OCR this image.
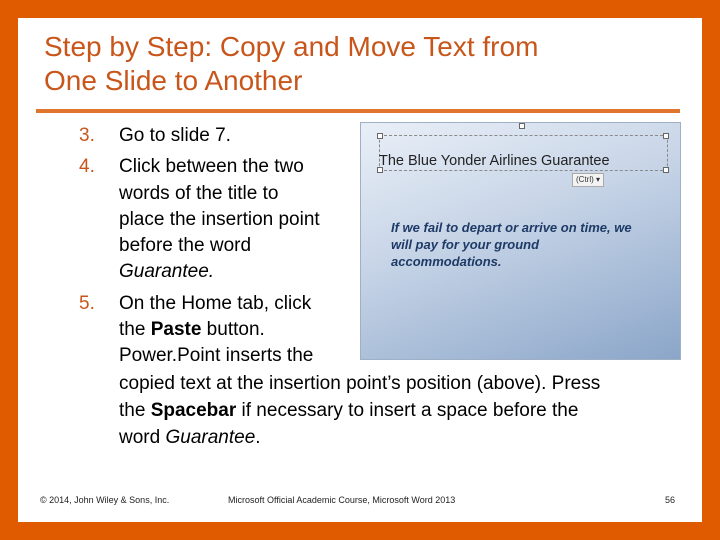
Step by Step: Copy and Move Text from
One Slide to Another
3. Go to slide 7.
4. Click between the two
words of the title to
place the insertion point
before the word
Guarantee.
5. On the Home tab, click
the Paste button.
Power.Point inserts the
copied text at the insertion point’s position (above). Press
the Spacebar if necessary to insert a space before the
word Guarantee.
The Blue Yonder Airlines Guarantee
(Ctrl) ▾
If we fail to depart or arrive on time, we
will pay for your ground
accommodations.
© 2014, John Wiley & Sons, Inc.	Microsoft Official Academic Course, Microsoft Word 2013	56
